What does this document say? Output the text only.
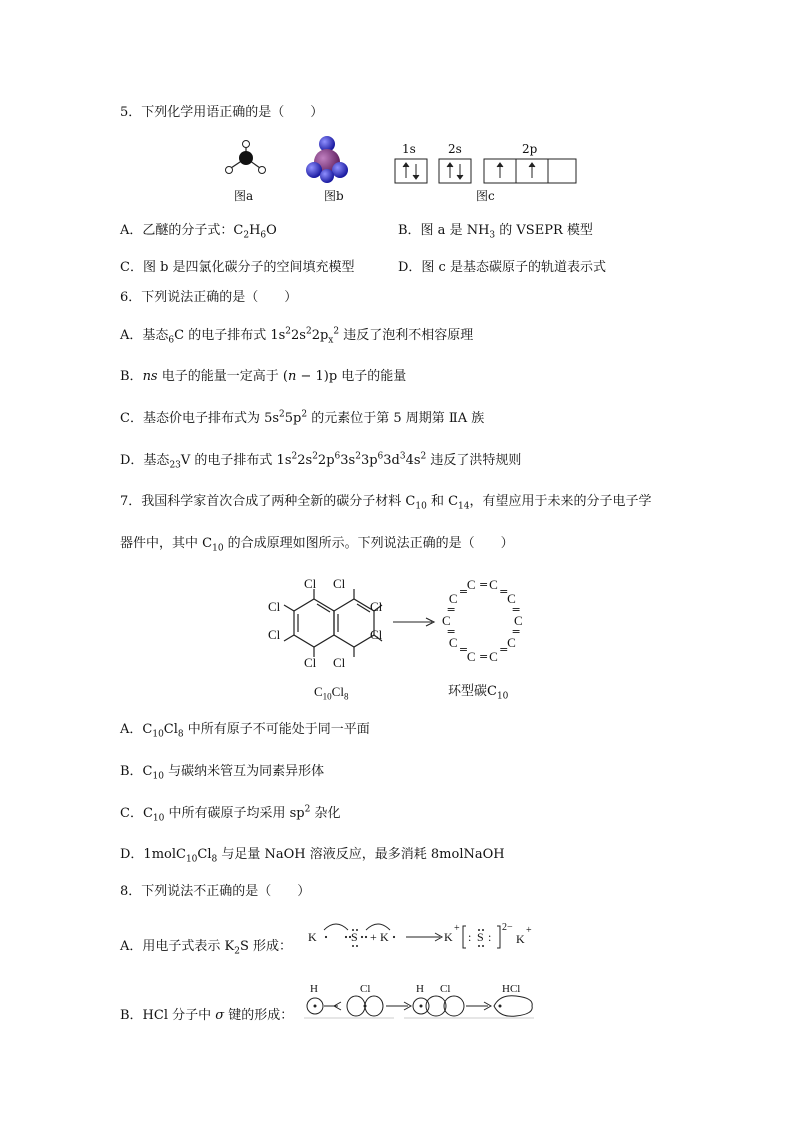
5．下列化学用语正确的是（　　）
图a	图b
1s	2s	2p
图c
A．乙醚的分子式：$C_2H_6O$	B．图 a 是 $NH_3$ 的 VSEPR 模型
C．图 b 是四氯化碳分子的空间填充模型	D．图 c 是基态碳原子的轨道表示式
6．下列说法正确的是（　　）
A．基态$_6$C 的电子排布式 $1s^22s^22p_x^2$ 违反了泡利不相容原理
B．ns 电子的能量一定高于 (n − 1)p 电子的能量
C．基态价电子排布式为 $5s^25p^2$ 的元素位于第 5 周期第 ⅡA 族
D．基态$_{23}$V 的电子排布式 $1s^22s^22p^63s^23p^63d^34s^2$ 违反了洪特规则
7．我国科学家首次合成了两种全新的碳分子材料 $C_{10}$ 和 $C_{14}$，有望应用于未来的分子电子学
器件中，其中 $C_{10}$ 的合成原理如图所示。下列说法正确的是（　　）
Cl Cl
Cl	Cl
Cl	Cl
Cl Cl
$C_{10}Cl_8$
C
C
C
C
C
C
C
C
C
C =
=
=
=
=
=
=
=
=
=
环型碳$C_{10}$
A．$C_{10}Cl_8$ 中所有原子不可能处于同一平面
B．$C_{10}$ 与碳纳米管互为同素异形体
C．$C_{10}$ 中所有碳原子均采用 $sp^2$ 杂化
D．$1molC_{10}Cl_8$ 与足量 NaOH 溶液反应，最多消耗 8molNaOH
8．下列说法不正确的是（　　）
A．用电子式表示 $K_2S$ 形成：
K	S + K	K
+
: S :
2−
K
+
B．HCl 分子中 σ 键的形成：
H	Cl	H Cl	HCl
